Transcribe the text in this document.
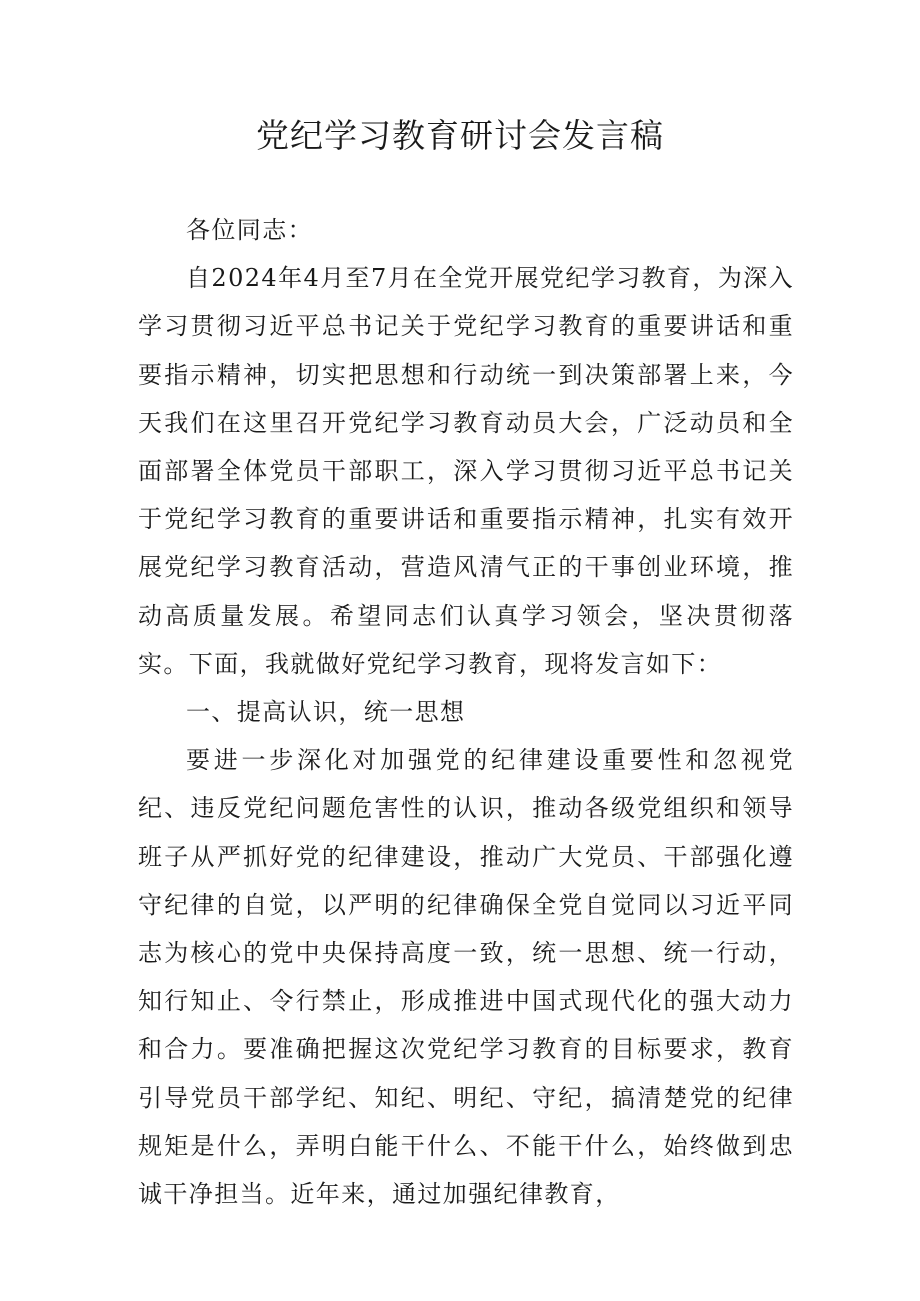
党纪学习教育研讨会发言稿

各位同志：

自2024年4月至7月在全党开展党纪学习教育，为深入学习贯彻习近平总书记关于党纪学习教育的重要讲话和重要指示精神，切实把思想和行动统一到决策部署上来，今天我们在这里召开党纪学习教育动员大会，广泛动员和全面部署全体党员干部职工，深入学习贯彻习近平总书记关于党纪学习教育的重要讲话和重要指示精神，扎实有效开展党纪学习教育活动，营造风清气正的干事创业环境，推动高质量发展。希望同志们认真学习领会，坚决贯彻落实。下面，我就做好党纪学习教育，现将发言如下：

一、提高认识，统一思想

要进一步深化对加强党的纪律建设重要性和忽视党纪、违反党纪问题危害性的认识，推动各级党组织和领导班子从严抓好党的纪律建设，推动广大党员、干部强化遵守纪律的自觉，以严明的纪律确保全党自觉同以习近平同志为核心的党中央保持高度一致，统一思想、统一行动，知行知止、令行禁止，形成推进中国式现代化的强大动力和合力。要准确把握这次党纪学习教育的目标要求，教育引导党员干部学纪、知纪、明纪、守纪，搞清楚党的纪律规矩是什么，弄明白能干什么、不能干什么，始终做到忠诚干净担当。近年来，通过加强纪律教育，
